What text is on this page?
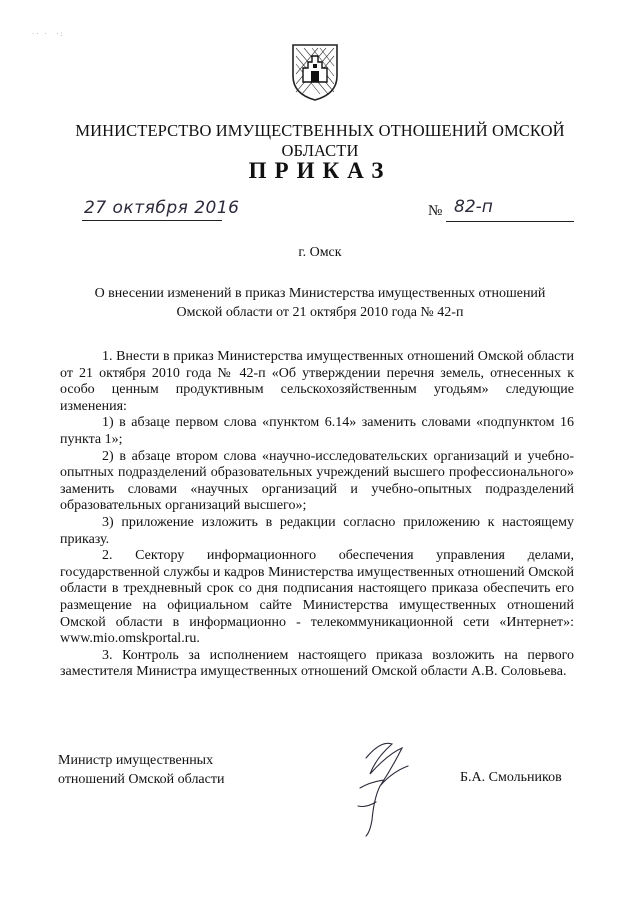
·· ·  ·:
МИНИСТЕРСТВО ИМУЩЕСТВЕННЫХ ОТНОШЕНИЙ ОМСКОЙ ОБЛАСТИ
ПРИКАЗ
27 октября 2016	№ 82-п
г. Омск
О внесении изменений в приказ Министерства имущественных отношений
Омской области от 21 октября 2010 года № 42-п

1. Внести в приказ Министерства имущественных отношений Омской области от 21 октября 2010 года № 42-п «Об утверждении перечня земель, отнесенных к особо ценным продуктивным сельскохозяйственным угодьям» следующие изменения:

1) в абзаце первом слова «пунктом 6.14» заменить словами «подпунктом 16 пункта 1»;

2) в абзаце втором слова «научно-исследовательских организаций и учебно-опытных подразделений образовательных учреждений высшего профессионального» заменить словами «научных организаций и учебно-опытных подразделений образовательных организаций высшего»;

3) приложение изложить в редакции согласно приложению к настоящему приказу.

2. Сектору информационного обеспечения управления делами, государственной службы и кадров Министерства имущественных отношений Омской области в трехдневный срок со дня подписания настоящего приказа обеспечить его размещение на официальном сайте Министерства имущественных отношений Омской области в информационно - телекоммуникационной сети «Интернет»: www.mio.omskportal.ru.

3. Контроль за исполнением настоящего приказа возложить на первого заместителя Министра имущественных отношений Омской области А.В. Соловьева.

Министр имущественных
отношений Омской области	Б.А. Смольников
